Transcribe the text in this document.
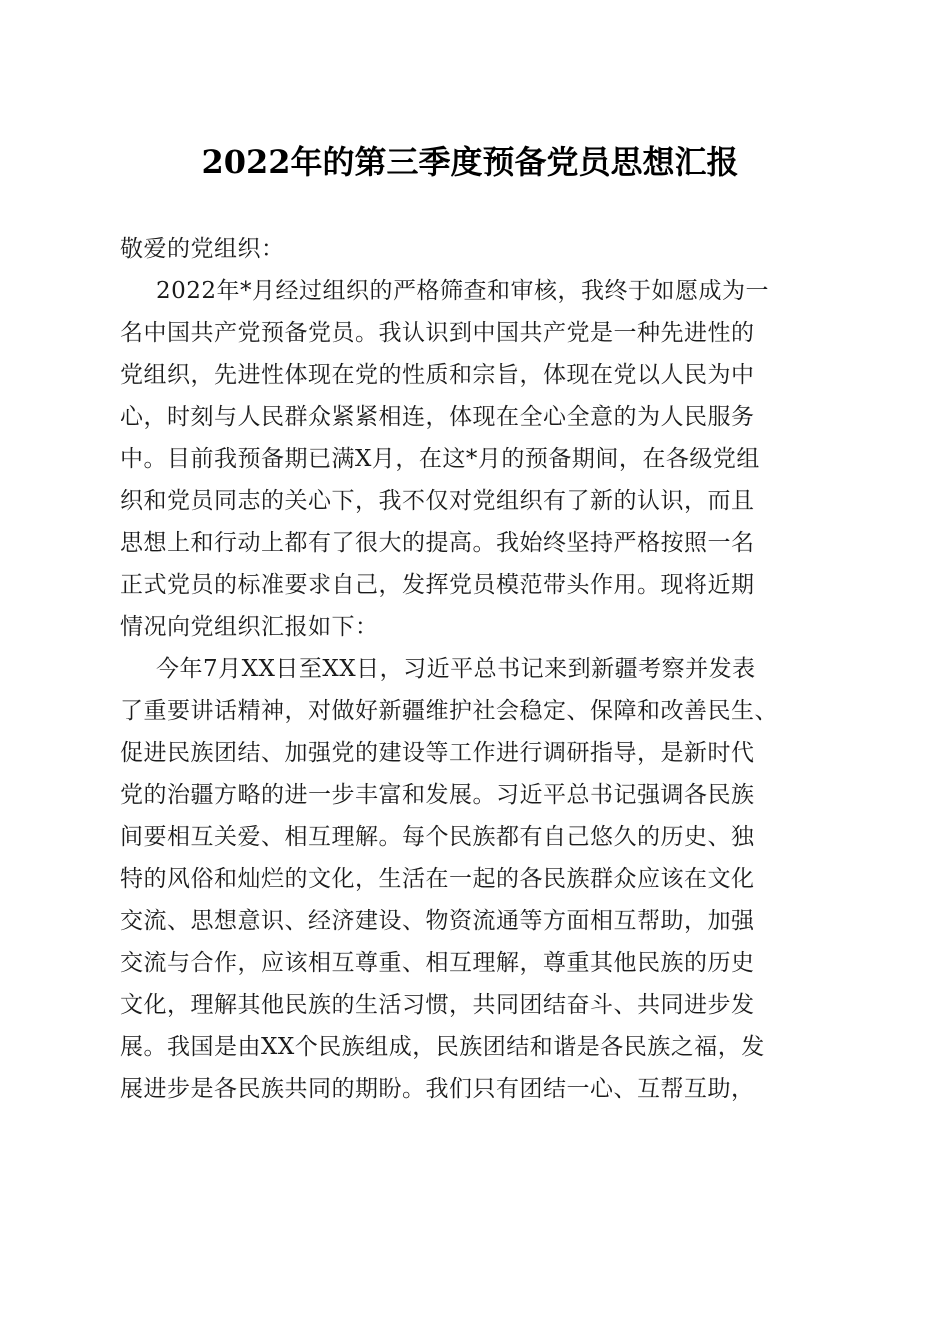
2022年的第三季度预备党员思想汇报
敬爱的党组织：
2022年*月经过组织的严格筛查和审核，我终于如愿成为一
名中国共产党预备党员。我认识到中国共产党是一种先进性的
党组织，先进性体现在党的性质和宗旨，体现在党以人民为中
心，时刻与人民群众紧紧相连，体现在全心全意的为人民服务
中。目前我预备期已满X月，在这*月的预备期间，在各级党组
织和党员同志的关心下，我不仅对党组织有了新的认识，而且
思想上和行动上都有了很大的提高。我始终坚持严格按照一名
正式党员的标准要求自己，发挥党员模范带头作用。现将近期
情况向党组织汇报如下：
今年7月XX日至XX日，习近平总书记来到新疆考察并发表
了重要讲话精神，对做好新疆维护社会稳定、保障和改善民生、
促进民族团结、加强党的建设等工作进行调研指导，是新时代
党的治疆方略的进一步丰富和发展。习近平总书记强调各民族
间要相互关爱、相互理解。每个民族都有自己悠久的历史、独
特的风俗和灿烂的文化，生活在一起的各民族群众应该在文化
交流、思想意识、经济建设、物资流通等方面相互帮助，加强
交流与合作，应该相互尊重、相互理解，尊重其他民族的历史
文化，理解其他民族的生活习惯，共同团结奋斗、共同进步发
展。我国是由XX个民族组成，民族团结和谐是各民族之福，发
展进步是各民族共同的期盼。我们只有团结一心、互帮互助，
